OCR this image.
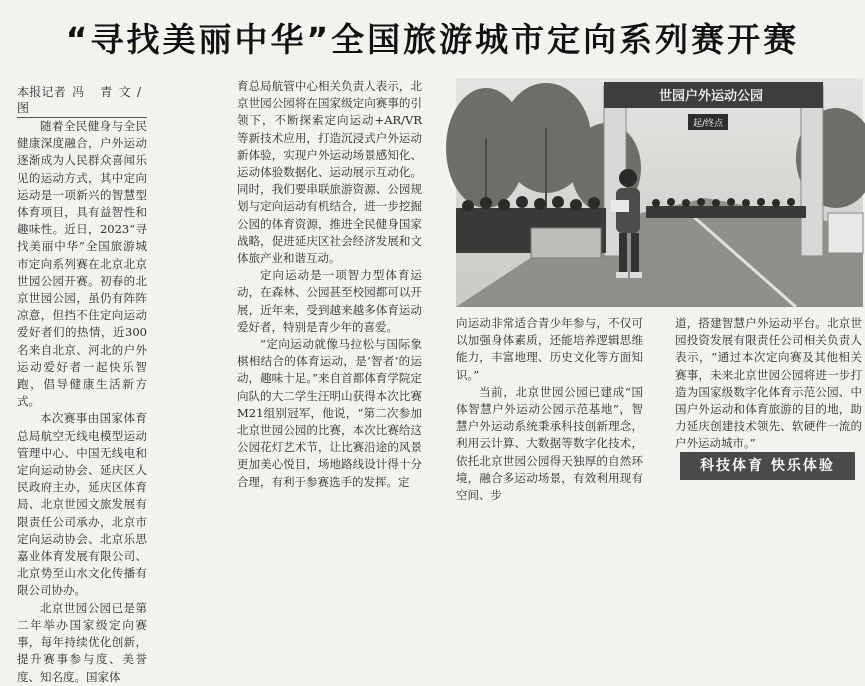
“寻找美丽中华”全国旅游城市定向系列赛开赛

本报记者 冯 青文/图

随着全民健身与全民健康深度融合，户外运动逐渐成为人民群众喜闻乐见的运动方式，其中定向运动是一项新兴的智慧型体育项目，具有益智性和趣味性。近日，2023“寻找美丽中华”全国旅游城市定向系列赛在北京北京世园公园开赛。初春的北京世园公园，虽仍有阵阵凉意，但挡不住定向运动爱好者们的热情，近300名来自北京、河北的户外运动爱好者一起快乐智跑，倡导健康生活新方式。

本次赛事由国家体育总局航空无线电模型运动管理中心、中国无线电和定向运动协会、延庆区人民政府主办，延庆区体育局、北京世园文旅发展有限责任公司承办，北京市定向运动协会、北京乐思嘉业体育发展有限公司、北京势至山水文化传播有限公司协办。

北京世园公园已是第二年举办国家级定向赛事，每年持续优化创新，提升赛事参与度、美誉度、知名度。国家体

育总局航管中心相关负责人表示，北京世园公园将在国家级定向赛事的引领下，不断探索定向运动+AR/VR等新技术应用，打造沉浸式户外运动新体验，实现户外运动场景感知化、运动体验数据化、运动展示互动化。同时，我们要串联旅游资源、公园规划与定向运动有机结合，进一步挖掘公园的体育资源，推进全民健身国家战略，促进延庆区社会经济发展和文体旅产业和谐互动。

定向运动是一项智力型体育运动，在森林、公园甚至校园都可以开展，近年来，受到越来越多体育运动爱好者，特别是青少年的喜爱。

“定向运动就像马拉松与国际象棋相结合的体育运动，是‘智者’的运动，趣味十足。”来自首都体育学院定向队的大二学生汪明山获得本次比赛M21组别冠军，他说，“第二次参加北京世园公园的比赛，本次比赛给这公园花灯艺术节，让比赛沿途的风景更加美心悦目，场地路线设计得十分合理，有利于参赛选手的发挥。定

世园户外运动公园
起/终点

向运动非常适合青少年参与，不仅可以加强身体素质，还能培养逻辑思维能力，丰富地理、历史文化等方面知识。”

当前，北京世园公园已建成“国体智慧户外运动公园示范基地”，智慧户外运动系统秉承科技创新理念，利用云计算、大数据等数字化技术，依托北京世园公园得天独厚的自然环境，融合多运动场景，有效利用现有空间、步

道，搭建智慧户外运动平台。北京世园投资发展有限责任公司相关负责人表示，“通过本次定向赛及其他相关赛事，未来北京世园公园将进一步打造为国家级数字化体育示范公园、中国户外运动和体育旅游的目的地，助力延庆创建技术领先、软硬件一流的户外运动城市。”

科技体育 快乐体验
